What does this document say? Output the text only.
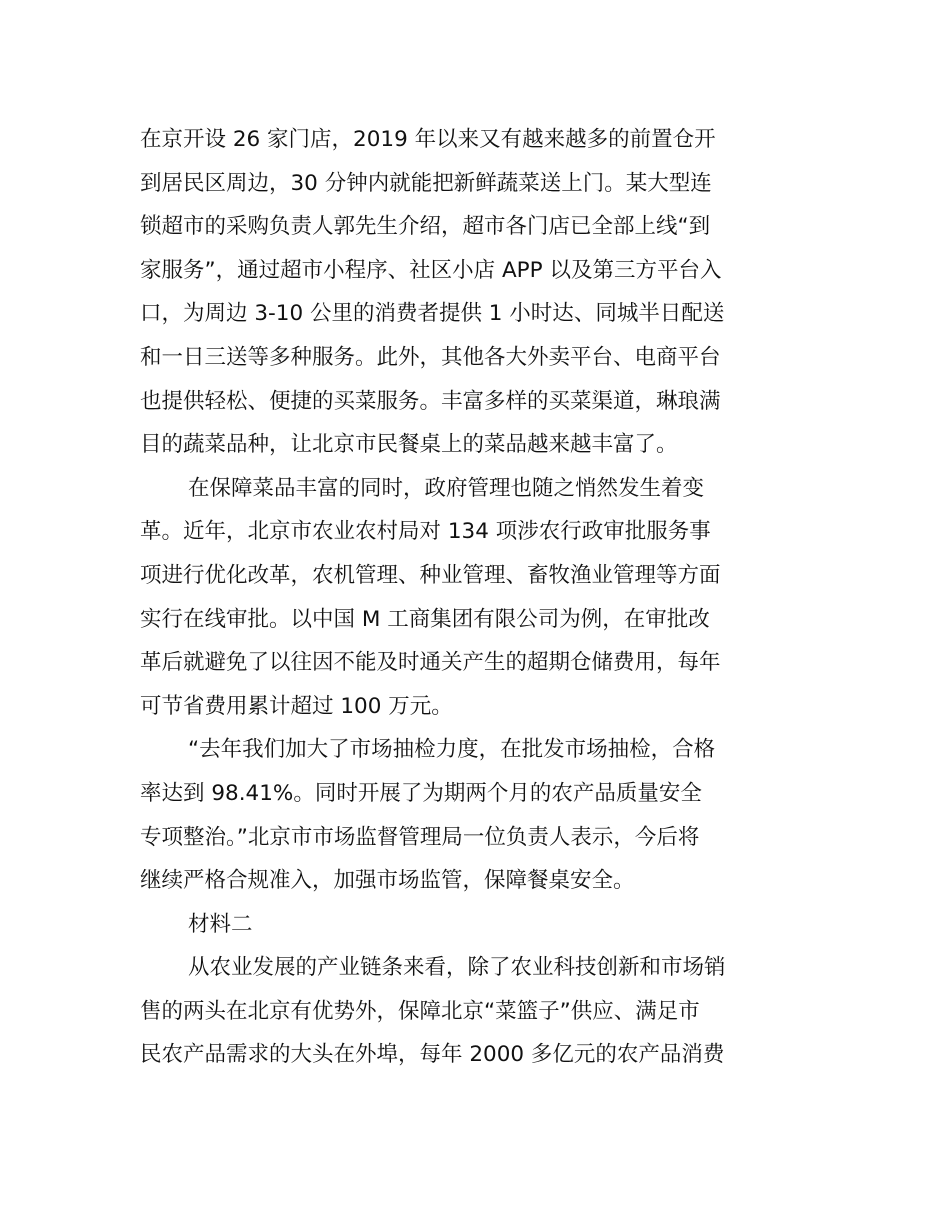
在京开设 26 家门店，2019 年以来又有越来越多的前置仓开
到居民区周边，30 分钟内就能把新鲜蔬菜送上门。某大型连
锁超市的采购负责人郭先生介绍，超市各门店已全部上线“到
家服务”，通过超市小程序、社区小店 APP 以及第三方平台入
口，为周边 3-10 公里的消费者提供 1 小时达、同城半日配送
和一日三送等多种服务。此外，其他各大外卖平台、电商平台
也提供轻松、便捷的买菜服务。丰富多样的买菜渠道，琳琅满
目的蔬菜品种，让北京市民餐桌上的菜品越来越丰富了。
在保障菜品丰富的同时，政府管理也随之悄然发生着变
革。近年，北京市农业农村局对 134 项涉农行政审批服务事
项进行优化改革，农机管理、种业管理、畜牧渔业管理等方面
实行在线审批。以中国 M 工商集团有限公司为例，在审批改
革后就避免了以往因不能及时通关产生的超期仓储费用，每年
可节省费用累计超过 100 万元。
“去年我们加大了市场抽检力度，在批发市场抽检，合格
率达到 98.41%。同时开展了为期两个月的农产品质量安全
专项整治。”北京市市场监督管理局一位负责人表示，今后将
继续严格合规准入，加强市场监管，保障餐桌安全。
材料二
从农业发展的产业链条来看，除了农业科技创新和市场销
售的两头在北京有优势外，保障北京“菜篮子”供应、满足市
民农产品需求的大头在外埠，每年 2000 多亿元的农产品消费
